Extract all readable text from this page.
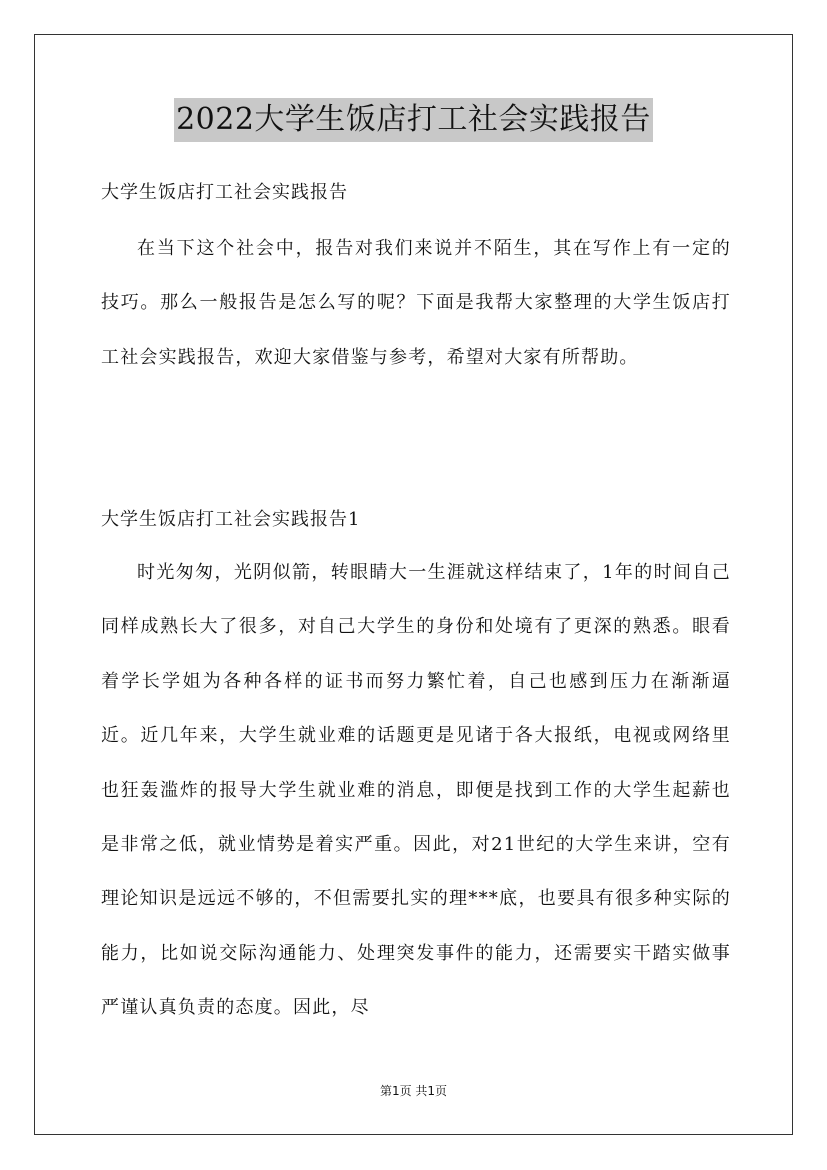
2022大学生饭店打工社会实践报告
大学生饭店打工社会实践报告

在当下这个社会中，报告对我们来说并不陌生，其在写作上有一定的技巧。那么一般报告是怎么写的呢？下面是我帮大家整理的大学生饭店打工社会实践报告，欢迎大家借鉴与参考，希望对大家有所帮助。

大学生饭店打工社会实践报告1

时光匆匆，光阴似箭，转眼睛大一生涯就这样结束了，1年的时间自己同样成熟长大了很多，对自己大学生的身份和处境有了更深的熟悉。眼看着学长学姐为各种各样的证书而努力繁忙着，自己也感到压力在渐渐逼近。近几年来，大学生就业难的话题更是见诸于各大报纸，电视或网络里也狂轰滥炸的报导大学生就业难的消息，即便是找到工作的大学生起薪也是非常之低，就业情势是着实严重。因此，对21世纪的大学生来讲，空有理论知识是远远不够的，不但需要扎实的理***底，也要具有很多种实际的能力，比如说交际沟通能力、处理突发事件的能力，还需要实干踏实做事严谨认真负责的态度。因此，尽

第1页 共1页
